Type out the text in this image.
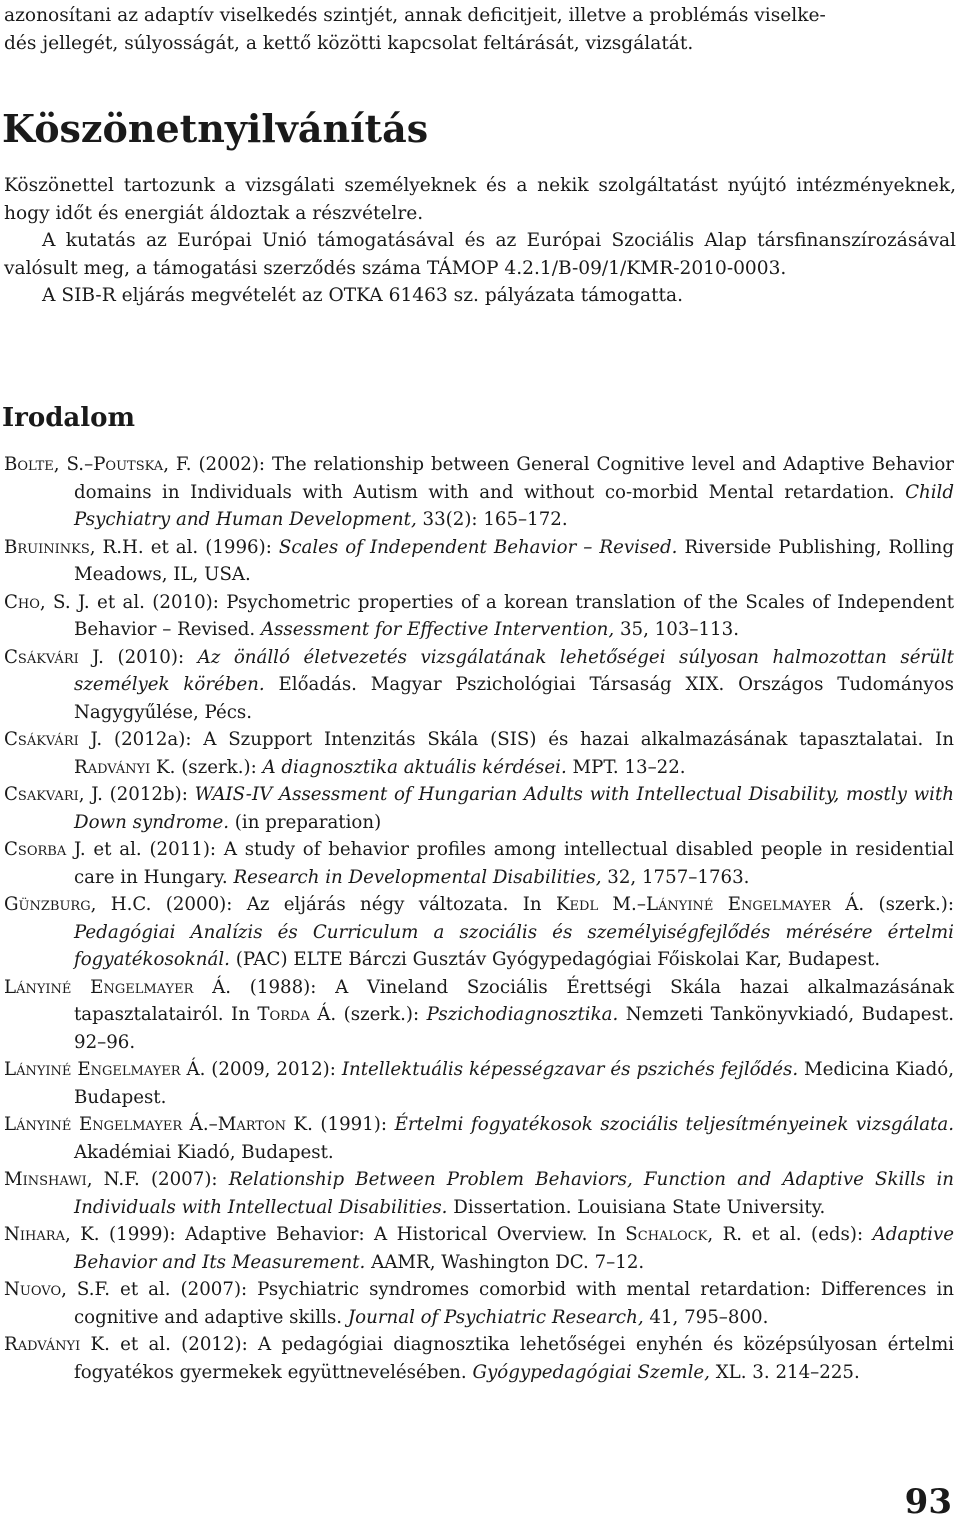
azonosítani az adaptív viselkedés szintjét, annak deficitjeit, illetve a problémás viselke-
dés jellegét, súlyosságát, a kettő közötti kapcsolat feltárását, vizsgálatát.
Köszönetnyilvánítás
Köszönettel tartozunk a vizsgálati személyeknek és a nekik szolgáltatást nyújtó intézményeknek, hogy időt és energiát áldoztak a részvételre.
A kutatás az Európai Unió támogatásával és az Európai Szociális Alap társfinanszírozásával valósult meg, a támogatási szerződés száma TÁMOP 4.2.1/B-09/1/KMR-2010-0003.
A SIB-R eljárás megvételét az OTKA 61463 sz. pályázata támogatta.
Irodalom

Bolte, S.–Poutska, F. (2002): The relationship between General Cognitive level and Adaptive Behavior domains in Individuals with Autism with and without co-morbid Mental retardation. Child Psychiatry and Human Development, 33(2): 165–172.

Bruininks, R.H. et al. (1996): Scales of Independent Behavior – Revised. Riverside Publishing, Rolling Meadows, IL, USA.

Cho, S. J. et al. (2010): Psychometric properties of a korean translation of the Scales of Independent Behavior – Revised. Assessment for Effective Intervention, 35, 103–113.

Csákvári J. (2010): Az önálló életvezetés vizsgálatának lehetőségei súlyosan halmozottan sérült személyek körében. Előadás. Magyar Pszichológiai Társaság XIX. Országos Tudományos Nagygyűlése, Pécs.

Csákvári J. (2012a): A Szupport Intenzitás Skála (SIS) és hazai alkalmazásának tapasztalatai. In Radványi K. (szerk.): A diagnosztika aktuális kérdései. MPT. 13–22.

Csakvari, J. (2012b): WAIS-IV Assessment of Hungarian Adults with Intellectual Disability, mostly with Down syndrome. (in preparation)

Csorba J. et al. (2011): A study of behavior profiles among intellectual disabled people in residential care in Hungary. Research in Developmental Disabilities, 32, 1757–1763.

Günzburg, H.C. (2000): Az eljárás négy változata. In Kedl M.–Lányiné Engelmayer Á. (szerk.): Pedagógiai Analízis és Curriculum a szociális és személyiségfejlődés mérésére értelmi fogyatékosoknál. (PAC) ELTE Bárczi Gusztáv Gyógypedagógiai Főiskolai Kar, Budapest.

Lányiné Engelmayer Á. (1988): A Vineland Szociális Érettségi Skála hazai alkalmazásának tapasztalatairól. In Torda Á. (szerk.): Pszichodiagnosztika. Nemzeti Tankönyvkiadó, Budapest. 92–96.

Lányiné Engelmayer Á. (2009, 2012): Intellektuális képességzavar és pszichés fejlődés. Medicina Kiadó, Budapest.

Lányiné Engelmayer Á.–Marton K. (1991): Értelmi fogyatékosok szociális teljesítményeinek vizsgálata. Akadémiai Kiadó, Budapest.

Minshawi, N.F. (2007): Relationship Between Problem Behaviors, Function and Adaptive Skills in Individuals with Intellectual Disabilities. Dissertation. Louisiana State University.

Nihara, K. (1999): Adaptive Behavior: A Historical Overview. In Schalock, R. et al. (eds): Adaptive Behavior and Its Measurement. AAMR, Washington DC. 7–12.

Nuovo, S.F. et al. (2007): Psychiatric syndromes comorbid with mental retardation: Differences in cognitive and adaptive skills. Journal of Psychiatric Research, 41, 795–800.

Radványi K. et al. (2012): A pedagógiai diagnosztika lehetőségei enyhén és középsúlyosan értelmi fogyatékos gyermekek együttnevelésében. Gyógypedagógiai Szemle, XL. 3. 214–225.

93
